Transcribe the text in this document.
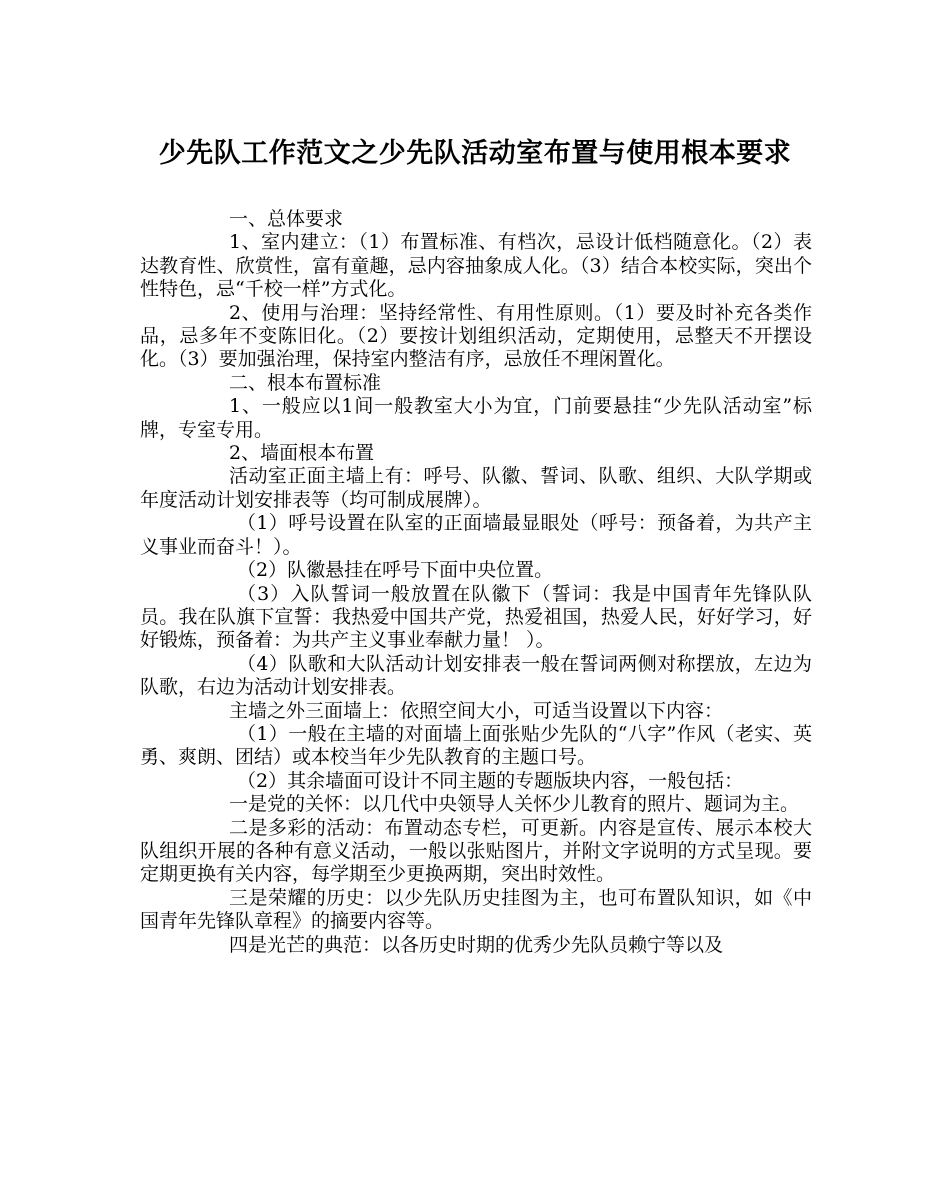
少先队工作范文之少先队活动室布置与使用根本要求

一、总体要求

1、室内建立：（1）布置标准、有档次，忌设计低档随意化。（2）表达教育性、欣赏性，富有童趣，忌内容抽象成人化。（3）结合本校实际，突出个性特色，忌“千校一样”方式化。

2、使用与治理：坚持经常性、有用性原则。（1）要及时补充各类作品，忌多年不变陈旧化。（2）要按计划组织活动，定期使用，忌整天不开摆设化。（3）要加强治理，保持室内整洁有序，忌放任不理闲置化。

二、根本布置标准

1、一般应以1间一般教室大小为宜，门前要悬挂“少先队活动室”标牌，专室专用。

2、墙面根本布置

活动室正面主墙上有：呼号、队徽、誓词、队歌、组织、大队学期或年度活动计划安排表等（均可制成展牌）。

（1）呼号设置在队室的正面墙最显眼处（呼号：预备着，为共产主义事业而奋斗！）。

（2）队徽悬挂在呼号下面中央位置。

（3）入队誓词一般放置在队徽下（誓词：我是中国青年先锋队队员。我在队旗下宣誓：我热爱中国共产党，热爱祖国，热爱人民，好好学习，好好锻炼，预备着：为共产主义事业奉献力量！ ）。

（4）队歌和大队活动计划安排表一般在誓词两侧对称摆放，左边为队歌，右边为活动计划安排表。

主墙之外三面墙上：依照空间大小，可适当设置以下内容：

（1）一般在主墙的对面墙上面张贴少先队的“八字”作风（老实、英勇、爽朗、团结）或本校当年少先队教育的主题口号。

（2）其余墙面可设计不同主题的专题版块内容，一般包括：

一是党的关怀：以几代中央领导人关怀少儿教育的照片、题词为主。

二是多彩的活动：布置动态专栏，可更新。内容是宣传、展示本校大队组织开展的各种有意义活动，一般以张贴图片，并附文字说明的方式呈现。要定期更换有关内容，每学期至少更换两期，突出时效性。

三是荣耀的历史：以少先队历史挂图为主，也可布置队知识，如《中国青年先锋队章程》的摘要内容等。

四是光芒的典范：以各历史时期的优秀少先队员赖宁等以及
